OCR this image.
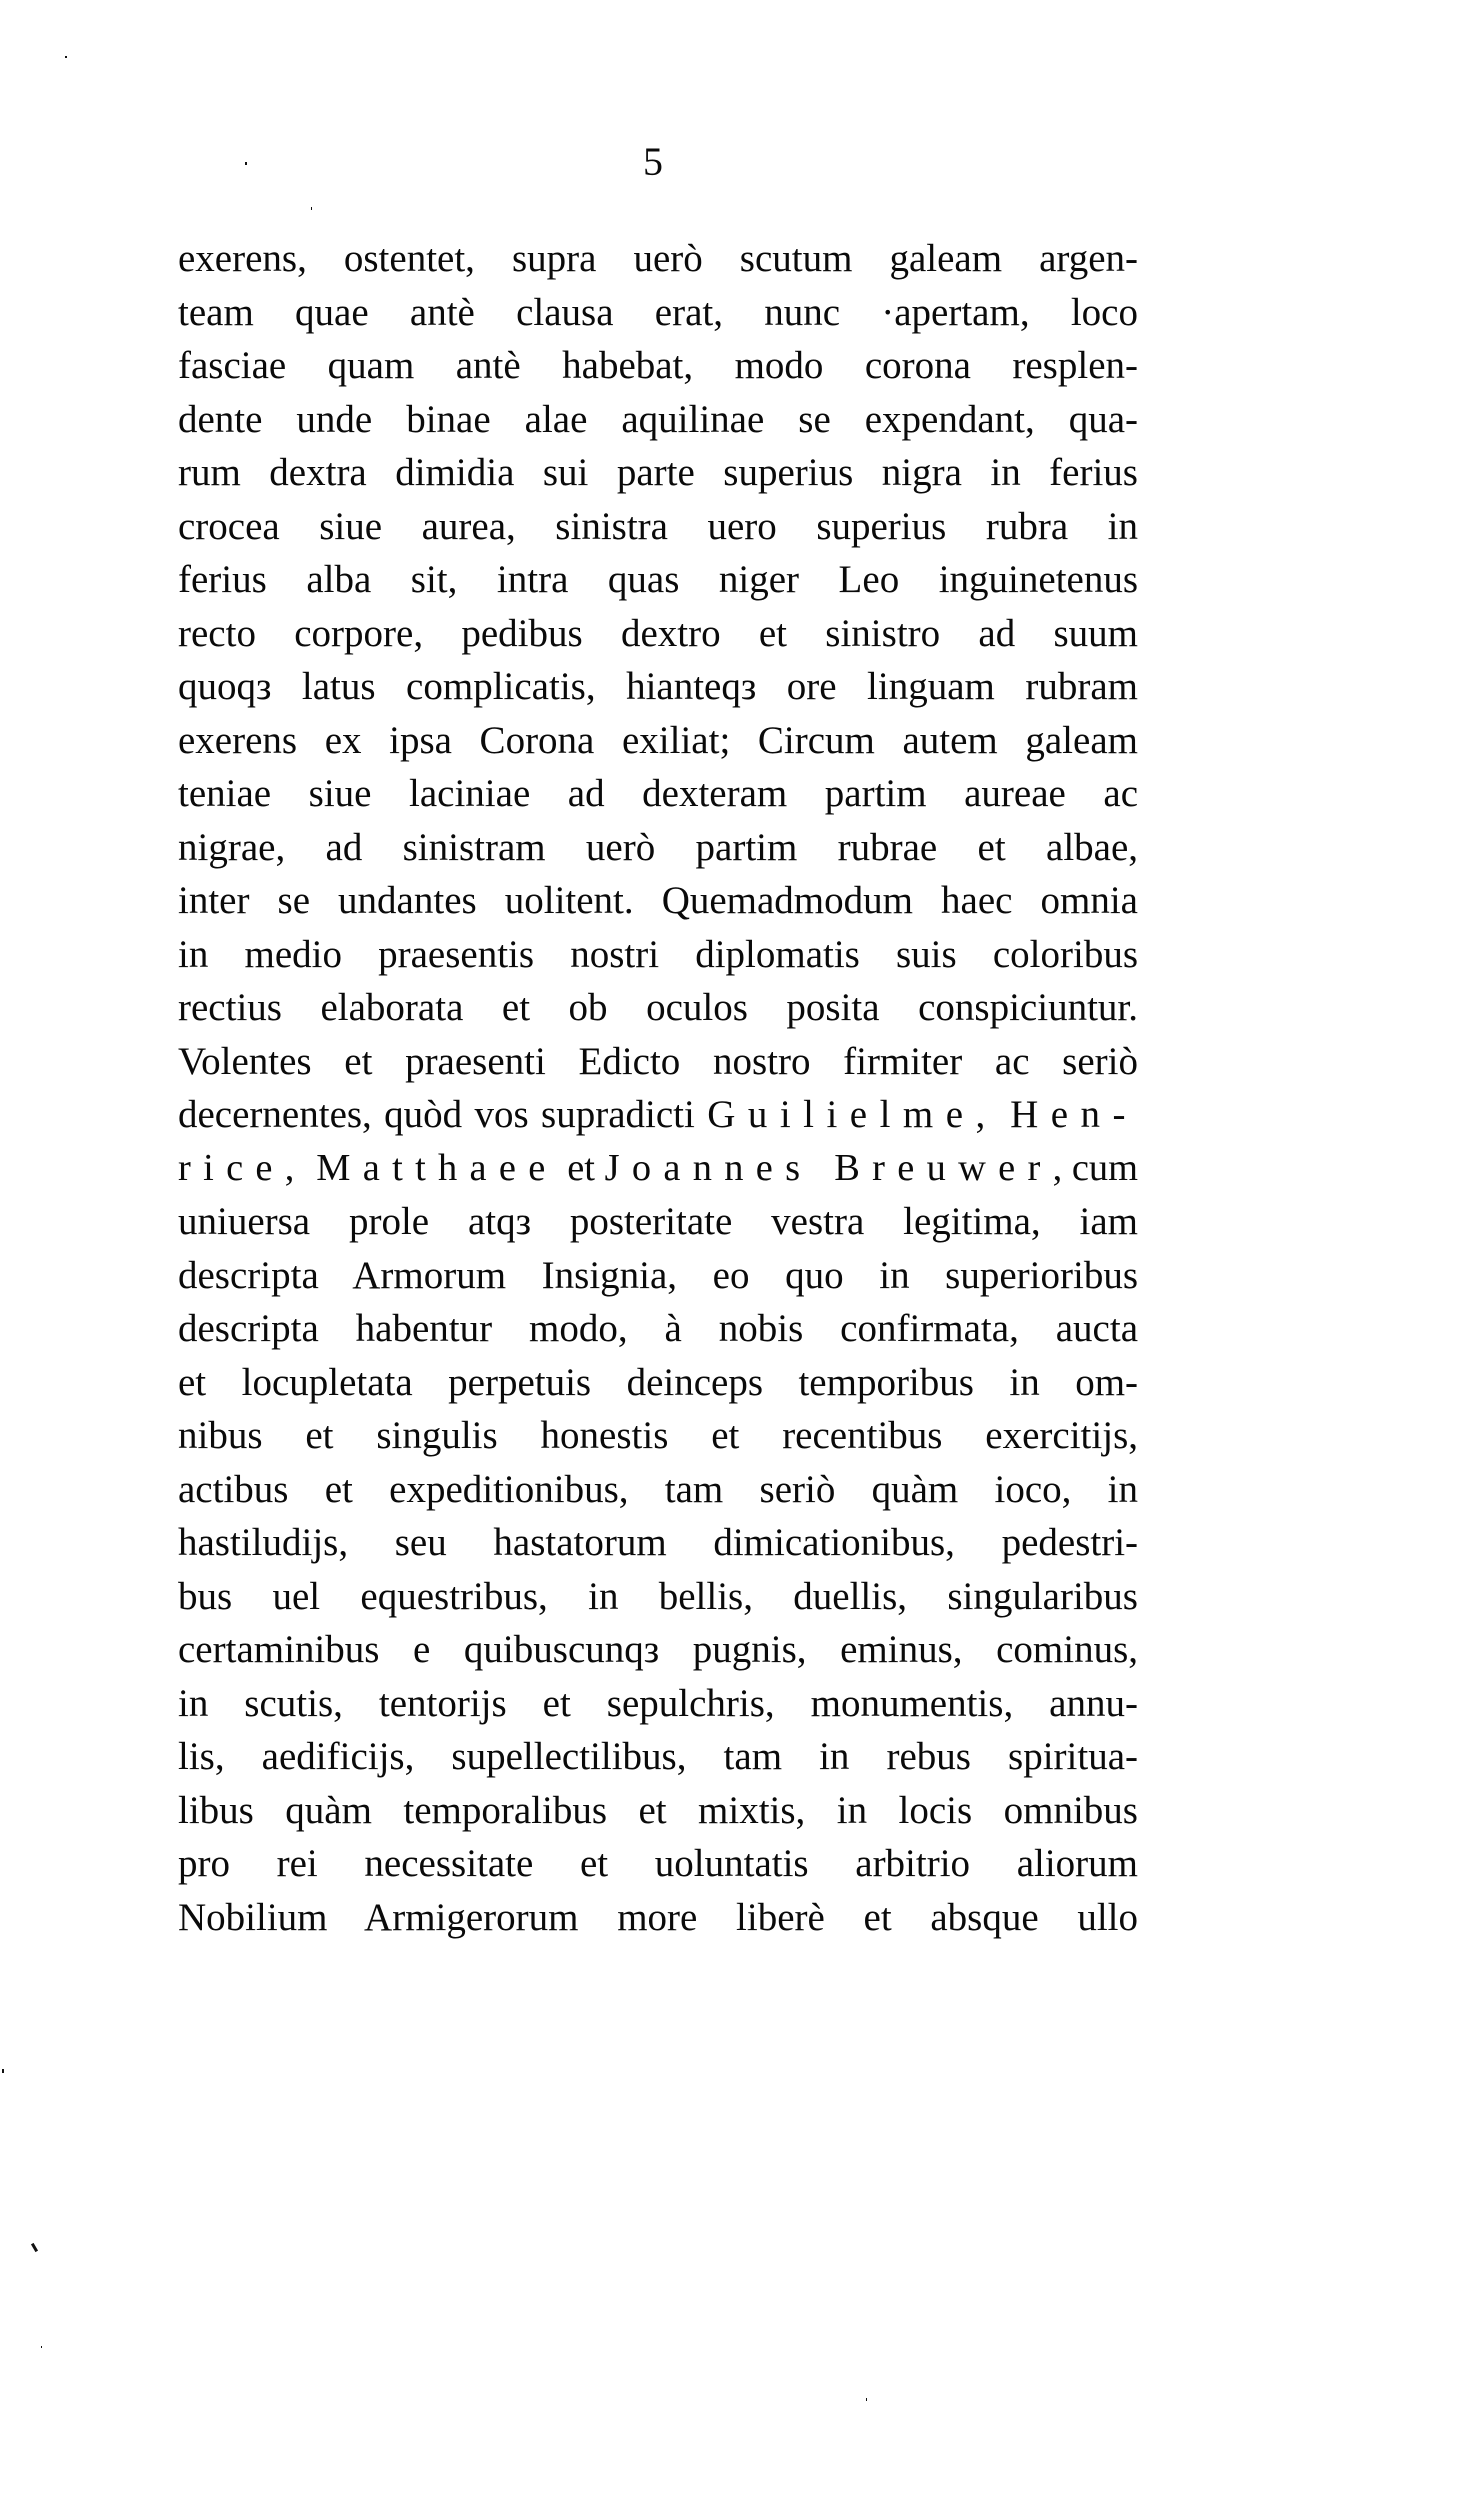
5
exerens, ostentet, supra uerò scutum galeam argen-
team quae antè clausa erat, nunc ·apertam, loco
fasciae quam antè habebat, modo corona resplen-
dente unde binae alae aquilinae se expendant, qua-
rum dextra dimidia sui parte superius nigra in ferius
crocea siue aurea, sinistra uero superius rubra in
ferius alba sit, intra quas niger Leo inguinetenus
recto corpore, pedibus dextro et sinistro ad suum
quoqз latus complicatis, hianteqз ore linguam rubram
exerens ex ipsa Corona exiliat; Circum autem galeam
teniae siue laciniae ad dexteram partim aureae ac
nigrae, ad sinistram uerò partim rubrae et albae,
inter se undantes uolitent. Quemadmodum haec omnia
in medio praesentis nostri diplomatis suis coloribus
rectius elaborata et ob oculos posita conspiciuntur.
Volentes et praesenti Edicto nostro firmiter ac seriò
decernentes, quòd vos supradicti Guilielme, Hen-
rice, Matthaee et Joannes Breuwer, cum
uniuersa prole atqз posteritate vestra legitima, iam
descripta Armorum Insignia, eo quo in superioribus
descripta habentur modo, à nobis confirmata, aucta
et locupletata perpetuis deinceps temporibus in om-
nibus et singulis honestis et recentibus exercitijs,
actibus et expeditionibus, tam seriò quàm ioco, in
hastiludijs, seu hastatorum dimicationibus, pedestri-
bus uel equestribus, in bellis, duellis, singularibus
certaminibus e quibuscunqз pugnis, eminus, cominus,
in scutis, tentorijs et sepulchris, monumentis, annu-
lis, aedificijs, supellectilibus, tam in rebus spiritua-
libus quàm temporalibus et mixtis, in locis omnibus
pro rei necessitate et uoluntatis arbitrio aliorum
Nobilium Armigerorum more liberè et absque ullo
